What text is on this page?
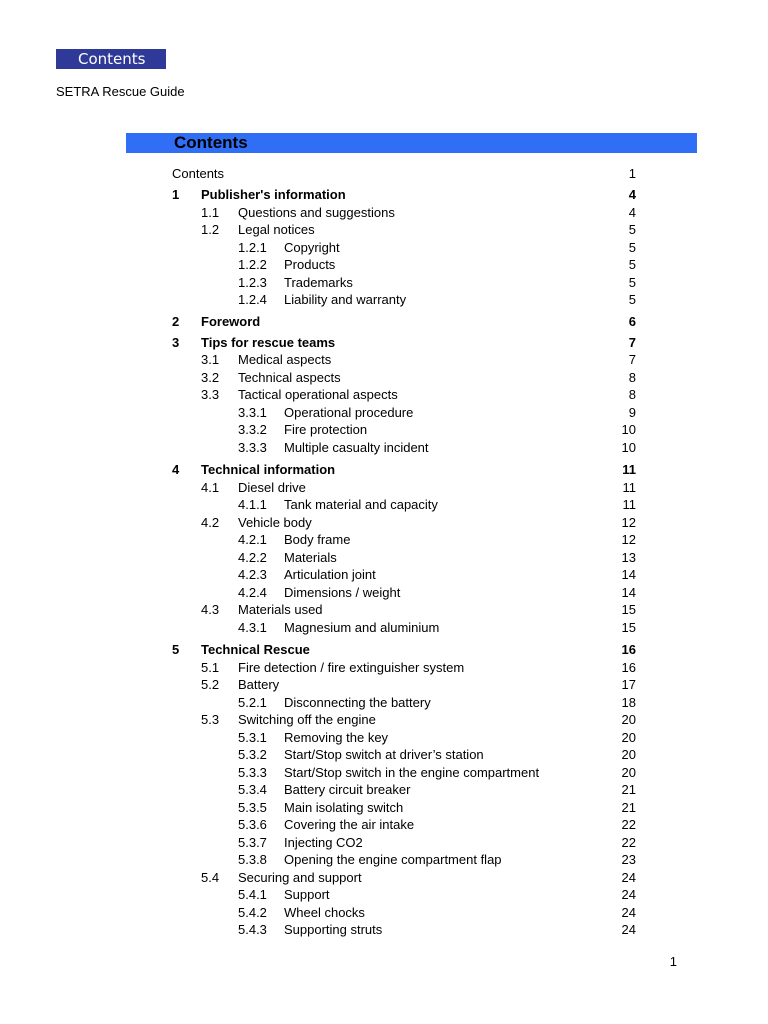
Contents
SETRA Rescue Guide
Contents
Contents	1
1 Publisher's information	4
1.1 Questions and suggestions	4
1.2 Legal notices	5
1.2.1 Copyright	5
1.2.2 Products	5
1.2.3 Trademarks	5
1.2.4 Liability and warranty	5
2 Foreword	6
3 Tips for rescue teams	7
3.1 Medical aspects	7
3.2 Technical aspects	8
3.3 Tactical operational aspects	8
3.3.1 Operational procedure	9
3.3.2 Fire protection	10
3.3.3 Multiple casualty incident	10
4 Technical information	11
4.1 Diesel drive	11
4.1.1 Tank material and capacity	11
4.2 Vehicle body	12
4.2.1 Body frame	12
4.2.2 Materials	13
4.2.3 Articulation joint	14
4.2.4 Dimensions / weight	14
4.3 Materials used	15
4.3.1 Magnesium and aluminium	15
5 Technical Rescue	16
5.1 Fire detection / fire extinguisher system	16
5.2 Battery	17
5.2.1 Disconnecting the battery	18
5.3 Switching off the engine	20
5.3.1 Removing the key	20
5.3.2 Start/Stop switch at driver’s station	20
5.3.3 Start/Stop switch in the engine compartment	20
5.3.4 Battery circuit breaker	21
5.3.5 Main isolating switch	21
5.3.6 Covering the air intake	22
5.3.7 Injecting CO2	22
5.3.8 Opening the engine compartment flap	23
5.4 Securing and support	24
5.4.1 Support	24
5.4.2 Wheel chocks	24
5.4.3 Supporting struts	24
1
